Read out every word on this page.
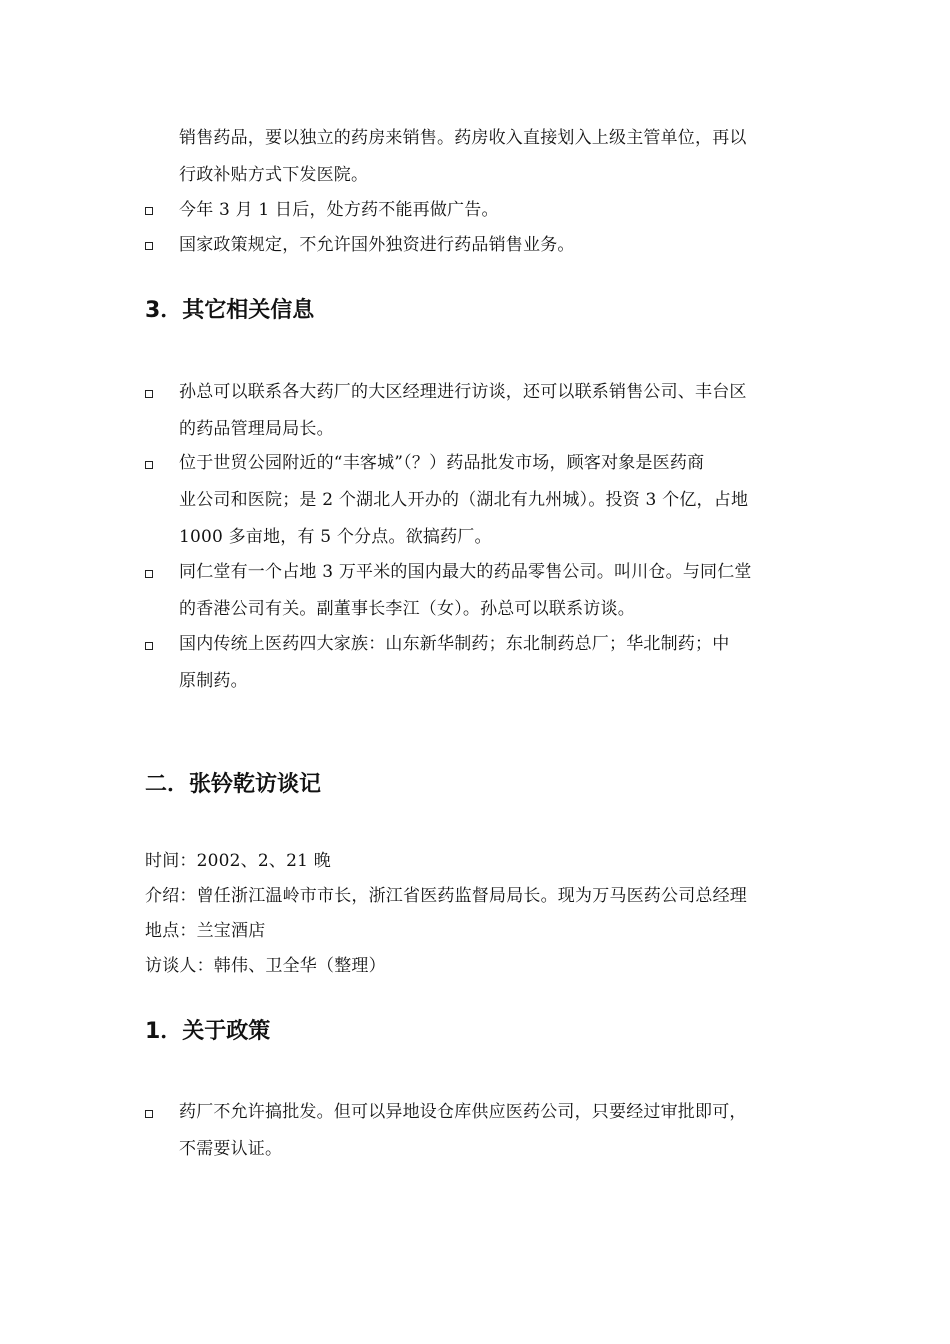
销售药品，要以独立的药房来销售。药房收入直接划入上级主管单位，再以
行政补贴方式下发医院。
今年 3 月 1 日后，处方药不能再做广告。
国家政策规定，不允许国外独资进行药品销售业务。
3．其它相关信息
孙总可以联系各大药厂的大区经理进行访谈，还可以联系销售公司、丰台区
的药品管理局局长。
位于世贸公园附近的“丰客城”（？）药品批发市场，顾客对象是医药商
业公司和医院；是 2 个湖北人开办的（湖北有九州城）。投资 3 个亿，占地
1000 多亩地，有 5 个分点。欲搞药厂。
同仁堂有一个占地 3 万平米的国内最大的药品零售公司。叫川仓。与同仁堂
的香港公司有关。副董事长李江（女）。孙总可以联系访谈。
国内传统上医药四大家族：山东新华制药；东北制药总厂；华北制药；中
原制药。
二．张钤乾访谈记
时间：2002、2、21 晚
介绍：曾任浙江温岭市市长，浙江省医药监督局局长。现为万马医药公司总经理
地点：兰宝酒店
访谈人：韩伟、卫全华（整理）
1．关于政策
药厂不允许搞批发。但可以异地设仓库供应医药公司，只要经过审批即可，
不需要认证。
